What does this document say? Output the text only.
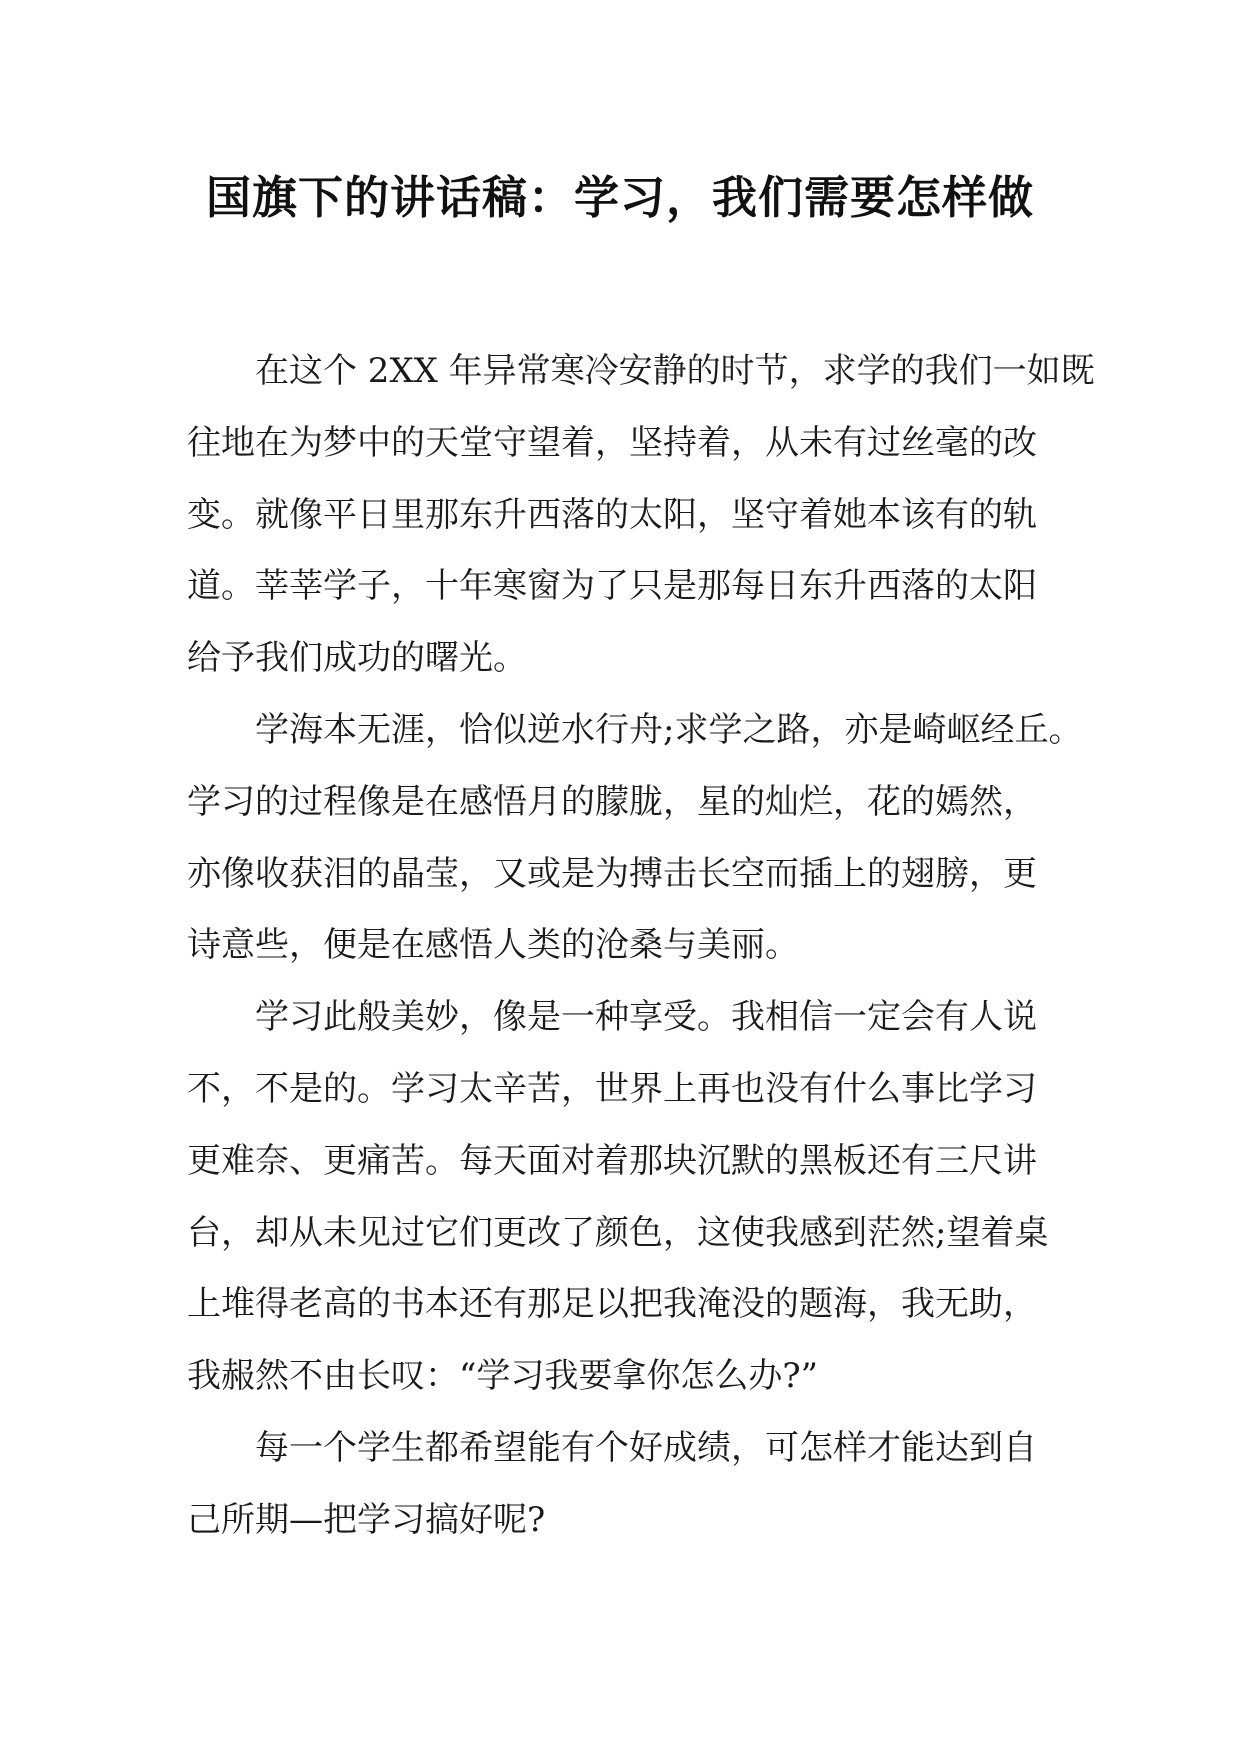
国旗下的讲话稿：学习，我们需要怎样做
在这个 2XX 年异常寒冷安静的时节，求学的我们一如既
往地在为梦中的天堂守望着，坚持着，从未有过丝毫的改
变。就像平日里那东升西落的太阳，坚守着她本该有的轨
道。莘莘学子，十年寒窗为了只是那每日东升西落的太阳
给予我们成功的曙光。
学海本无涯，恰似逆水行舟;求学之路，亦是崎岖经丘。
学习的过程像是在感悟月的朦胧，星的灿烂，花的嫣然，
亦像收获泪的晶莹，又或是为搏击长空而插上的翅膀，更
诗意些，便是在感悟人类的沧桑与美丽。
学习此般美妙，像是一种享受。我相信一定会有人说
不，不是的。学习太辛苦，世界上再也没有什么事比学习
更难奈、更痛苦。每天面对着那块沉默的黑板还有三尺讲
台，却从未见过它们更改了颜色，这使我感到茫然;望着桌
上堆得老高的书本还有那足以把我淹没的题海，我无助，
我赧然不由长叹：“学习我要拿你怎么办?”
每一个学生都希望能有个好成绩，可怎样才能达到自
己所期—把学习搞好呢?
